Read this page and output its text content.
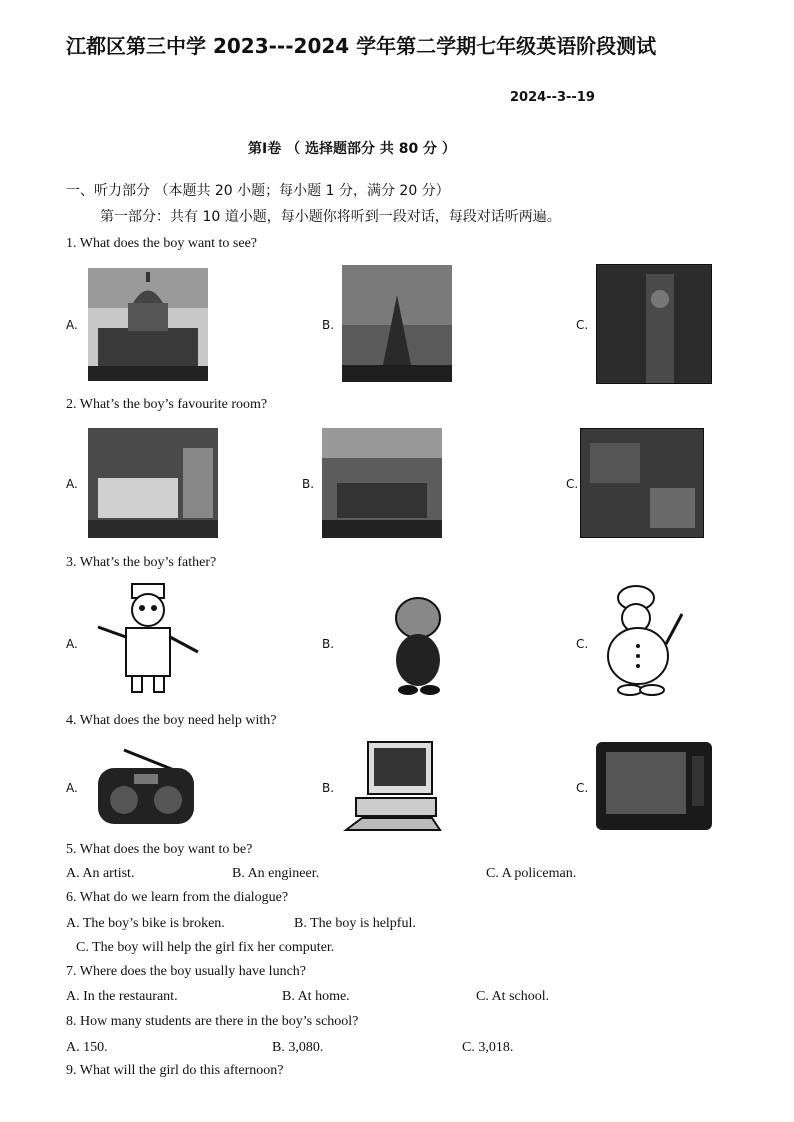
江都区第三中学 2023---2024 学年第二学期七年级英语阶段测试
2024--3--19
第Ⅰ卷 （ 选择题部分 共 80 分 ）
一、听力部分 （本题共 20 小题；每小题 1 分，满分 20 分）
第一部分：共有 10 道小题，每小题你将听到一段对话，每段对话听两遍。
1. What does the boy want to see?
A.	B.	C.
2. What’s the boy’s favourite room?
A.	B.	C.
3. What’s the boy’s father?
A.	B.	C.
4. What does the boy need help with?
A.	B.	C.
5. What does the boy want to be?
A. An artist.	B. An engineer.	C. A policeman.
6. What do we learn from the dialogue?
A. The boy’s bike is broken.	B. The boy is helpful.
C. The boy will help the girl fix her computer.
7. Where does the boy usually have lunch?
A. In the restaurant.	B. At home.	C. At school.
8. How many students are there in the boy’s school?
A. 150.	B. 3,080.	C. 3,018.
9. What will the girl do this afternoon?
